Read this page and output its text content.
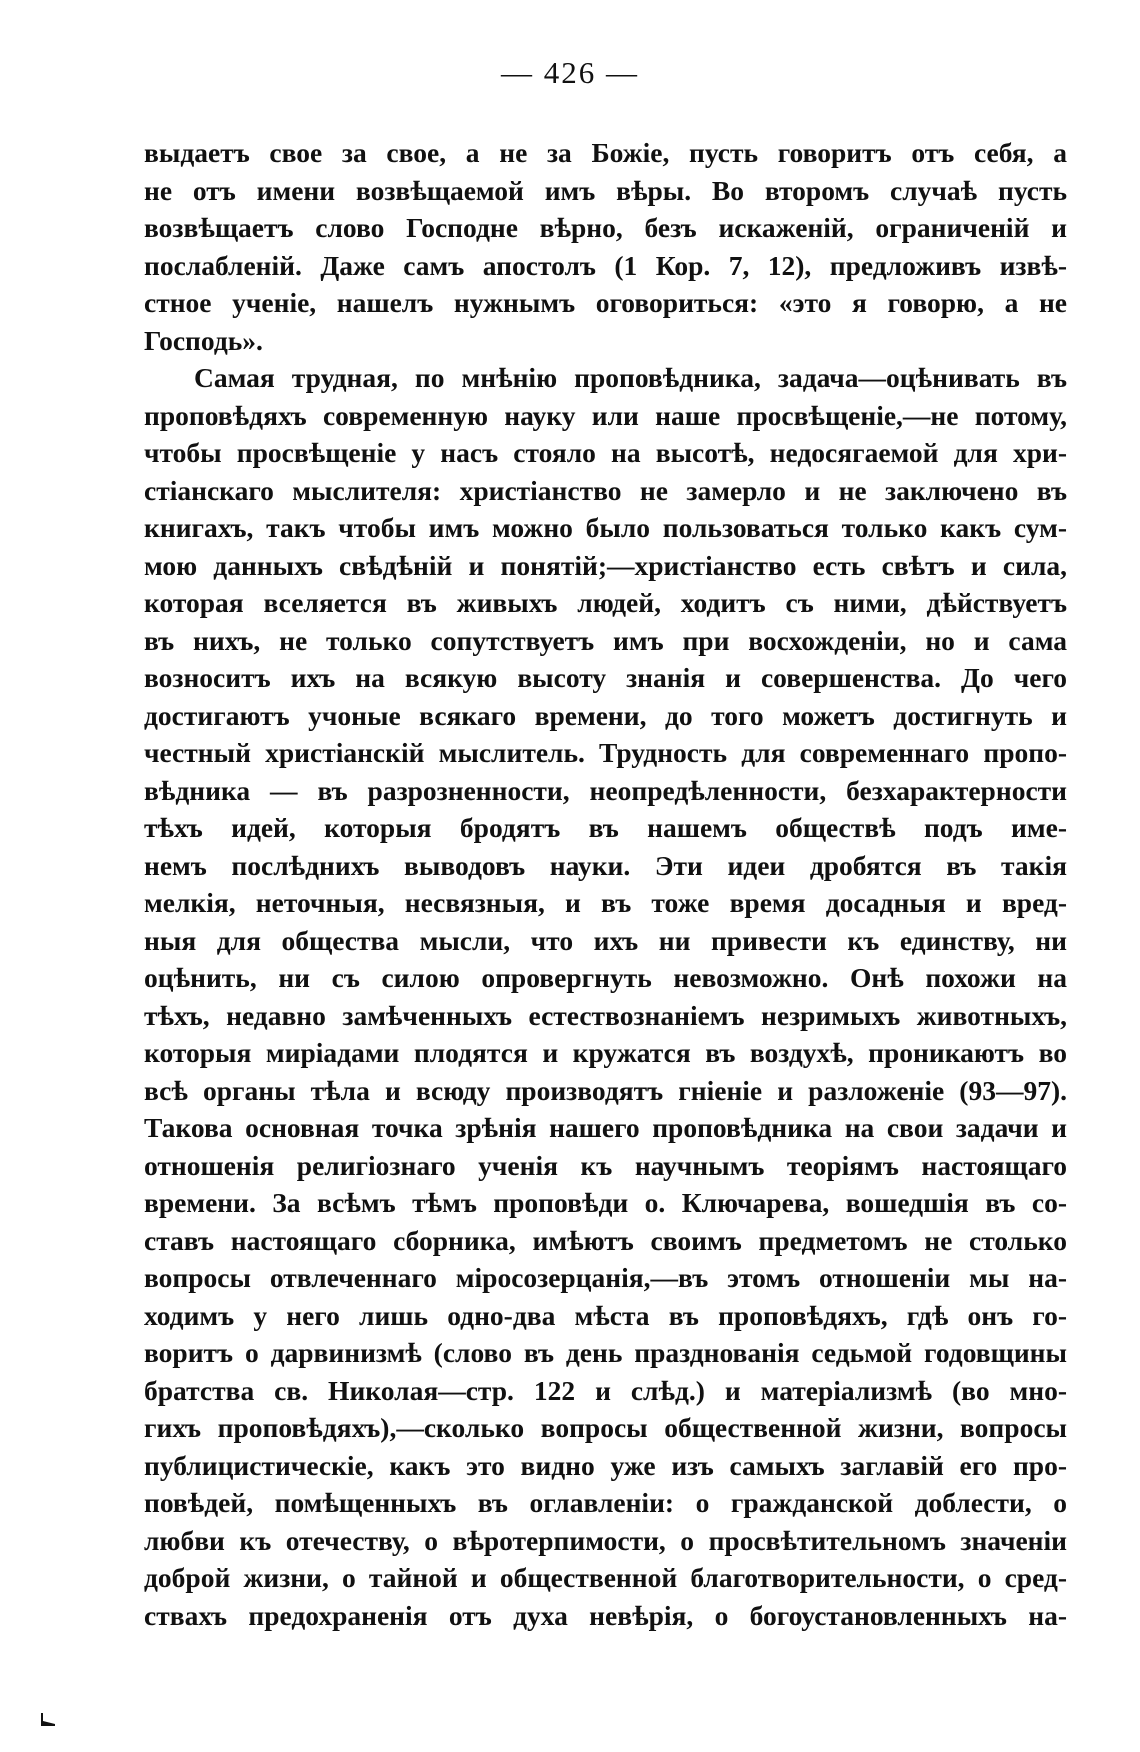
— 426 —
выдаетъ свое за свое, а не за Божіе, пусть говоритъ отъ себя, а
не отъ имени возвѣщаемой имъ вѣры. Во второмъ случаѣ пусть
возвѣщаетъ слово Господне вѣрно, безъ искаженій, ограниченій и
послабленій. Даже самъ апостолъ (1 Кор. 7, 12), предложивъ извѣ-
стное ученіе, нашелъ нужнымъ оговориться: «это я говорю, а не
Господь».
Самая трудная, по мнѣнію проповѣдника, задача—оцѣнивать въ
проповѣдяхъ современную науку или наше просвѣщеніе,—не потому,
чтобы просвѣщеніе у насъ стояло на высотѣ, недосягаемой для хри-
стіанскаго мыслителя: христіанство не замерло и не заключено въ
книгахъ, такъ чтобы имъ можно было пользоваться только какъ сум-
мою данныхъ свѣдѣній и понятій;—христіанство есть свѣтъ и сила,
которая вселяется въ живыхъ людей, ходитъ съ ними, дѣйствуетъ
въ нихъ, не только сопутствуетъ имъ при восхожденіи, но и сама
возноситъ ихъ на всякую высоту знанія и совершенства. До чего
достигаютъ учоные всякаго времени, до того можетъ достигнуть и
честный христіанскій мыслитель. Трудность для современнаго пропо-
вѣдника — въ разрозненности, неопредѣленности, безхарактерности
тѣхъ идей, которыя бродятъ въ нашемъ обществѣ подъ име-
немъ послѣднихъ выводовъ науки. Эти идеи дробятся въ такія
мелкія, неточныя, несвязныя, и въ тоже время досадныя и вред-
ныя для общества мысли, что ихъ ни привести къ единству, ни
оцѣнить, ни съ силою опровергнуть невозможно. Онѣ похожи на
тѣхъ, недавно замѣченныхъ естествознаніемъ незримыхъ животныхъ,
которыя миріадами плодятся и кружатся въ воздухѣ, проникаютъ во
всѣ органы тѣла и всюду производятъ гніеніе и разложеніе (93—97).
Такова основная точка зрѣнія нашего проповѣдника на свои задачи и
отношенія религіознаго ученія къ научнымъ теоріямъ настоящаго
времени. За всѣмъ тѣмъ проповѣди о. Ключарева, вошедшія въ со-
ставъ настоящаго сборника, имѣютъ своимъ предметомъ не столько
вопросы отвлеченнаго міросозерцанія,—въ этомъ отношеніи мы на-
ходимъ у него лишь одно-два мѣста въ проповѣдяхъ, гдѣ онъ го-
воритъ о дарвинизмѣ (слово въ день празднованія седьмой годовщины
братства св. Николая—стр. 122 и слѣд.) и матеріализмѣ (во мно-
гихъ проповѣдяхъ),—сколько вопросы общественной жизни, вопросы
публицистическіе, какъ это видно уже изъ самыхъ заглавій его про-
повѣдей, помѣщенныхъ въ оглавленіи: о гражданской доблести, о
любви къ отечеству, о вѣротерпимости, о просвѣтительномъ значеніи
доброй жизни, о тайной и общественной благотворительности, о сред-
ствахъ предохраненія отъ духа невѣрія, о богоустановленныхъ на-
